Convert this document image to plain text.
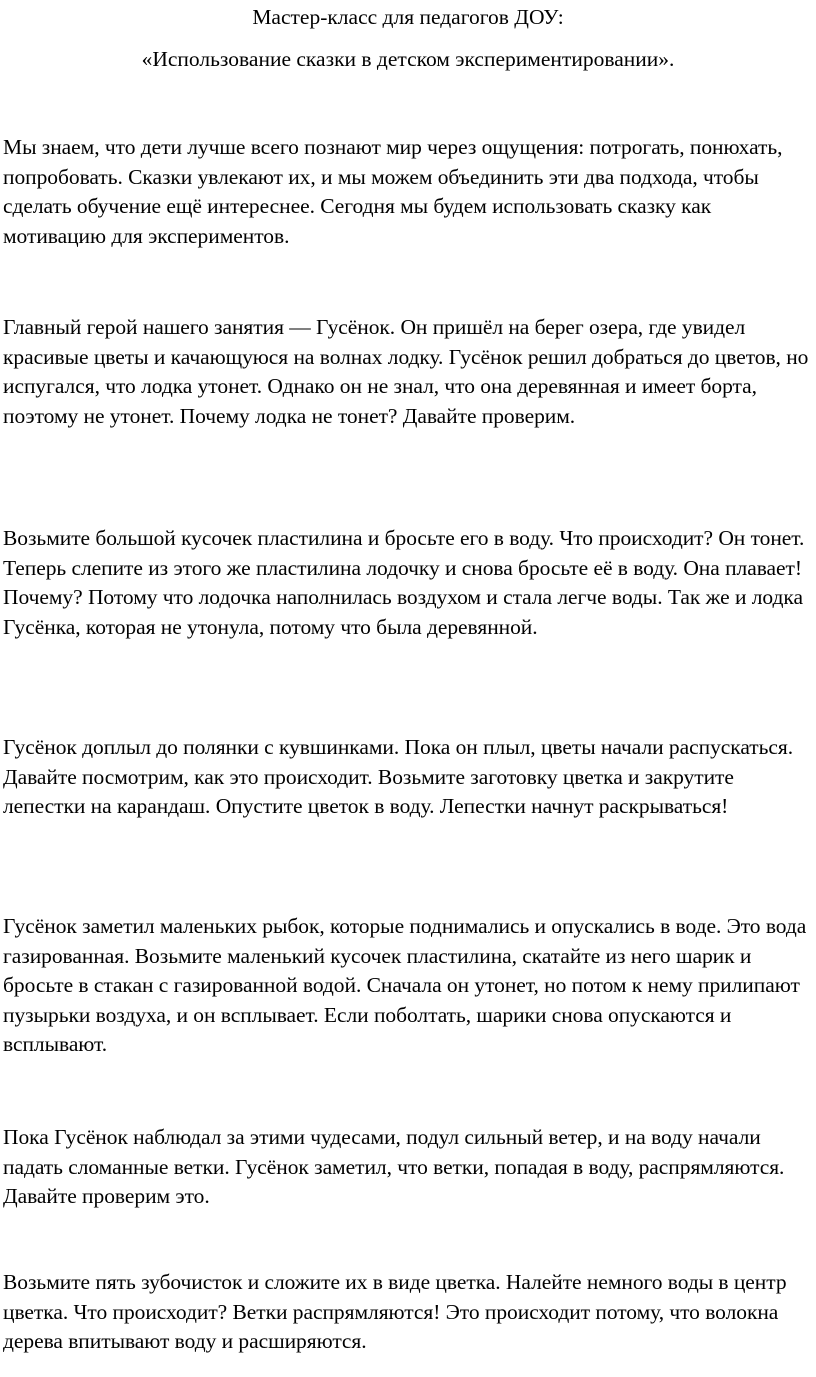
Мастер-класс для педагогов ДОУ:
«Использование сказки в детском экспериментировании».

Мы знаем, что дети лучше всего познают мир через ощущения: потрогать, понюхать, попробовать. Сказки увлекают их, и мы можем объединить эти два подхода, чтобы сделать обучение ещё интереснее. Сегодня мы будем использовать сказку как мотивацию для экспериментов.

Главный герой нашего занятия — Гусёнок. Он пришёл на берег озера, где увидел красивые цветы и качающуюся на волнах лодку. Гусёнок решил добраться до цветов, но испугался, что лодка утонет. Однако он не знал, что она деревянная и имеет борта, поэтому не утонет. Почему лодка не тонет? Давайте проверим.

Возьмите большой кусочек пластилина и бросьте его в воду. Что происходит? Он тонет. Теперь слепите из этого же пластилина лодочку и снова бросьте её в воду. Она плавает! Почему? Потому что лодочка наполнилась воздухом и стала легче воды. Так же и лодка Гусёнка, которая не утонула, потому что была деревянной.

Гусёнок доплыл до полянки с кувшинками. Пока он плыл, цветы начали распускаться. Давайте посмотрим, как это происходит. Возьмите заготовку цветка и закрутите лепестки на карандаш. Опустите цветок в воду. Лепестки начнут раскрываться!

Гусёнок заметил маленьких рыбок, которые поднимались и опускались в воде. Это вода газированная. Возьмите маленький кусочек пластилина, скатайте из него шарик и бросьте в стакан с газированной водой. Сначала он утонет, но потом к нему прилипают пузырьки воздуха, и он всплывает. Если поболтать, шарики снова опускаются и всплывают.

Пока Гусёнок наблюдал за этими чудесами, подул сильный ветер, и на воду начали падать сломанные ветки. Гусёнок заметил, что ветки, попадая в воду, распрямляются. Давайте проверим это.

Возьмите пять зубочисток и сложите их в виде цветка. Налейте немного воды в центр цветка. Что происходит? Ветки распрямляются! Это происходит потому, что волокна дерева впитывают воду и расширяются.
